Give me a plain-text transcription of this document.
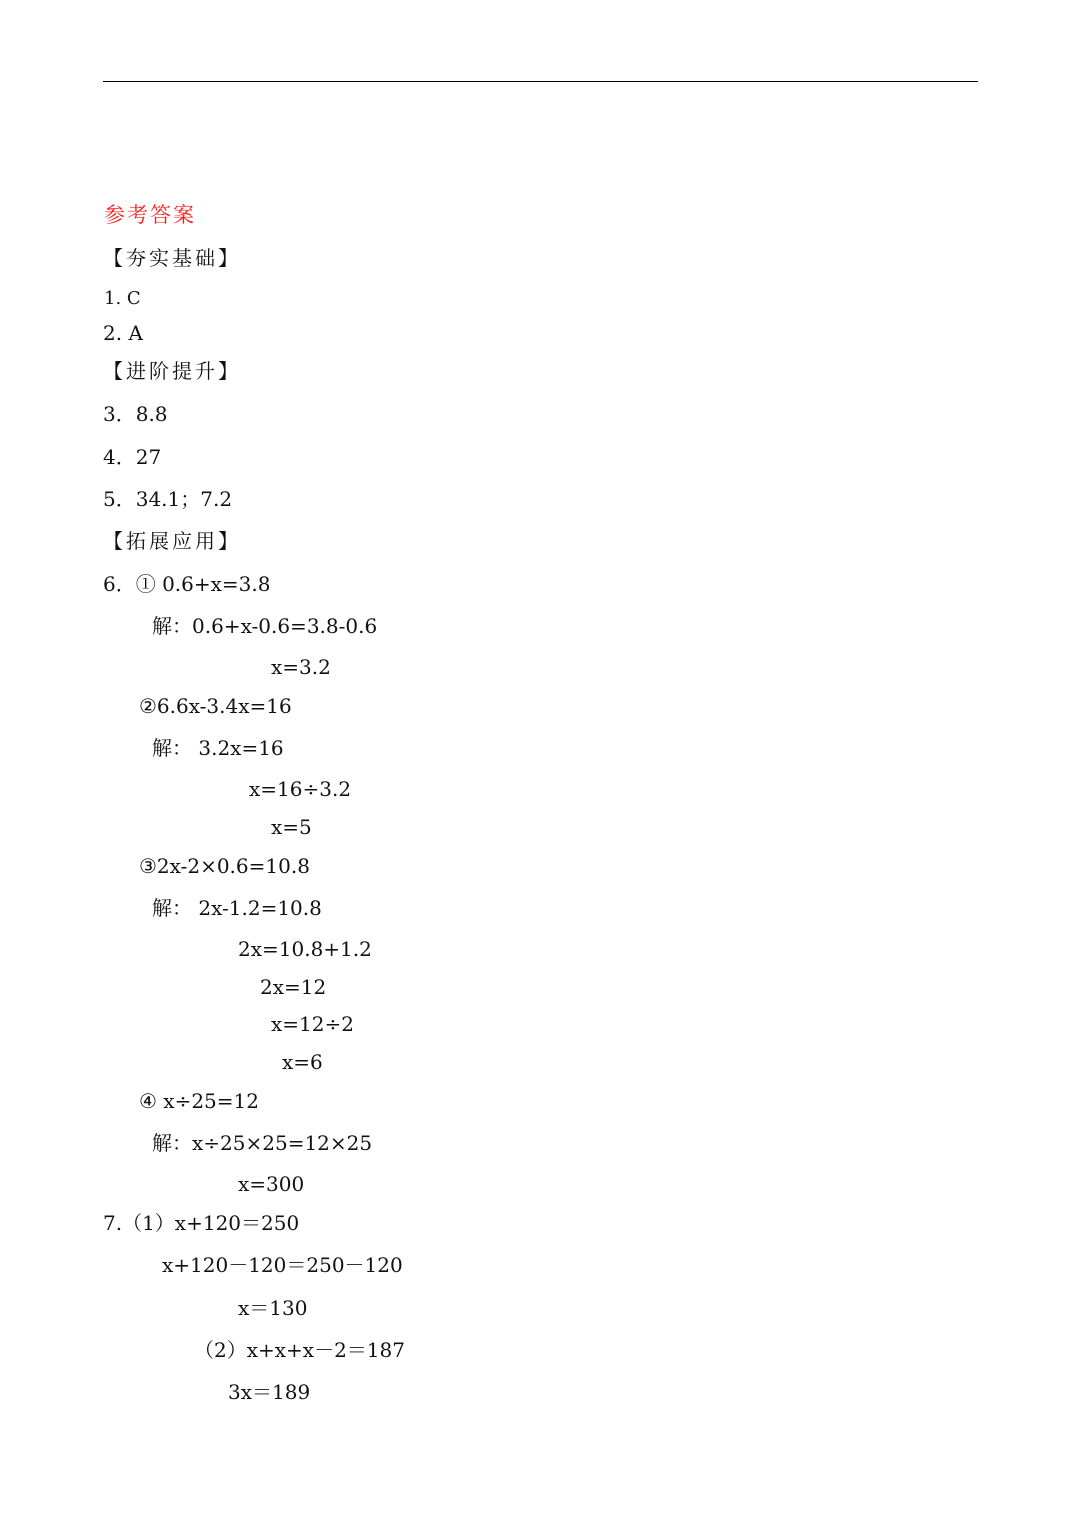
参考答案
【夯实基础】
1. C
2. A
【进阶提升】
3．8.8
4．27
5．34.1；7.2
【拓展应用】
6．① 0.6+x=3.8
解：0.6+x-0.6=3.8-0.6
x=3.2
②6.6x-3.4x=16
解： 3.2x=16
x=16÷3.2
x=5
③2x-2×0.6=10.8
解： 2x-1.2=10.8
2x=10.8+1.2
2x=12
x=12÷2
x=6
④ x÷25=12
解：x÷25×25=12×25
x=300
7.（1）x+120＝250
x+120－120＝250－120
x＝130
（2）x+x+x－2＝187
3x＝189
